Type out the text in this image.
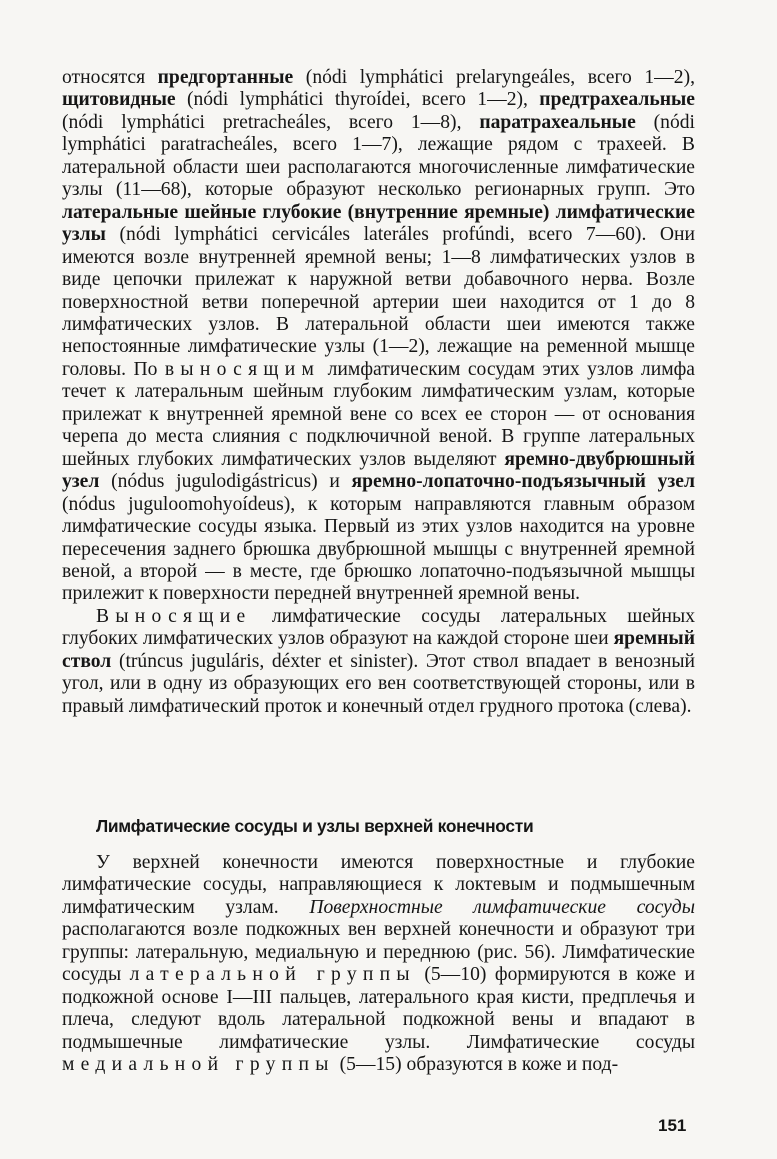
относятся предгортанные (nódi lympháticі prelaryngeáles, всего 1—2), щитовидные (nódi lympháticі thyroídei, всего 1—2), предтрахеальные (nódi lympháticі pretracheáles, всего 1—8), паратрахеальные (nódi lympháticі paratracheáles, всего 1—7), лежащие рядом с трахеей. В латеральной области шеи располагаются многочисленные лимфатические узлы (11—68), которые образуют несколько регионарных групп. Это латеральные шейные глубокие (внутренние яремные) лимфатические узлы (nódi lympháticі cervicáles lateráles profúndi, всего 7—60). Они имеются возле внутренней яремной вены; 1—8 лимфатических узлов в виде цепочки прилежат к наружной ветви добавочного нерва. Возле поверхностной ветви поперечной артерии шеи находится от 1 до 8 лимфатических узлов. В латеральной области шеи имеются также непостоянные лимфатические узлы (1—2), лежащие на ременной мышце головы. По выносящим лимфатическим сосудам этих узлов лимфа течет к латеральным шейным глубоким лимфатическим узлам, которые прилежат к внутренней яремной вене со всех ее сторон — от основания черепа до места слияния с подключичной веной. В группе латеральных шейных глубоких лимфатических узлов выделяют яремно-двубрюшный узел (nódus jugulodigástricus) и яремно-лопаточно-подъязычный узел (nódus juguloomohyoídeus), к которым направляются главным образом лимфатические сосуды языка. Первый из этих узлов находится на уровне пересечения заднего брюшка двубрюшной мышцы с внутренней яремной веной, а второй — в месте, где брюшко лопаточно-подъязычной мышцы прилежит к поверхности передней внутренней яремной вены.

Выносящие лимфатические сосуды латеральных шейных глубоких лимфатических узлов образуют на каждой стороне шеи яремный ствол (trúncus juguláris, déxter et sinister). Этот ствол впадает в венозный угол, или в одну из образующих его вен соответствующей стороны, или в правый лимфатический проток и конечный отдел грудного протока (слева).

Лимфатические сосуды и узлы верхней конечности

У верхней конечности имеются поверхностные и глубокие лимфатические сосуды, направляющиеся к локтевым и подмышечным лимфатическим узлам. Поверхностные лимфатические сосуды располагаются возле подкожных вен верхней конечности и образуют три группы: латеральную, медиальную и переднюю (рис. 56). Лимфатические сосуды латеральной группы (5—10) формируются в коже и подкожной основе I—III пальцев, латерального края кисти, предплечья и плеча, следуют вдоль латеральной подкожной вены и впадают в подмышечные лимфатические узлы. Лимфатические сосуды медиальной группы (5—15) образуются в коже и под-

151
